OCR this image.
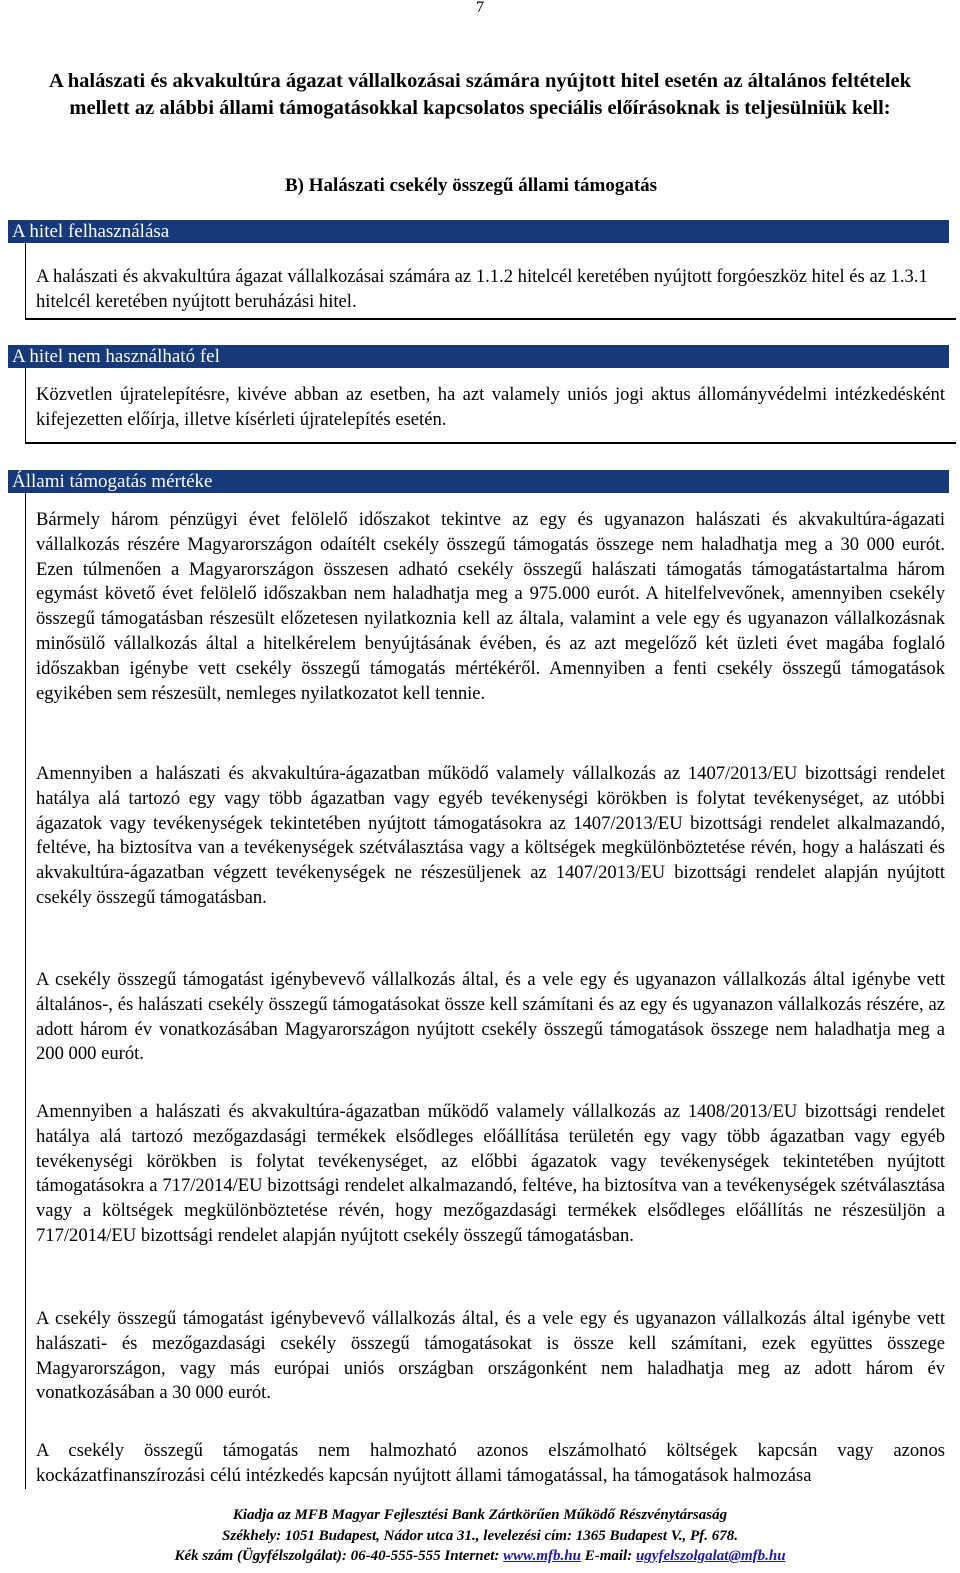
7
A halászati és akvakultúra ágazat vállalkozásai számára nyújtott hitel esetén az általános feltételek mellett az alábbi állami támogatásokkal kapcsolatos speciális előírásoknak is teljesülniük kell:
B) Halászati csekély összegű állami támogatás
A hitel felhasználása

A halászati és akvakultúra ágazat vállalkozásai számára az 1.1.2 hitelcél keretében nyújtott forgóeszköz hitel és az 1.3.1 hitelcél keretében nyújtott beruházási hitel.

A hitel nem használható fel

Közvetlen újratelepítésre, kivéve abban az esetben, ha azt valamely uniós jogi aktus állományvédelmi intézkedésként kifejezetten előírja, illetve kísérleti újratelepítés esetén.

Állami támogatás mértéke

Bármely három pénzügyi évet felölelő időszakot tekintve az egy és ugyanazon halászati és akvakultúra-ágazati vállalkozás részére Magyarországon odaítélt csekély összegű támogatás összege nem haladhatja meg a 30 000 eurót. Ezen túlmenően a Magyarországon összesen adható csekély összegű halászati támogatás támogatástartalma három egymást követő évet felölelő időszakban nem haladhatja meg a 975.000 eurót. A hitelfelvevőnek, amennyiben csekély összegű támogatásban részesült előzetesen nyilatkoznia kell az általa, valamint a vele egy és ugyanazon vállalkozásnak minősülő vállalkozás által a hitelkérelem benyújtásának évében, és az azt megelőző két üzleti évet magába foglaló időszakban igénybe vett csekély összegű támogatás mértékéről. Amennyiben a fenti csekély összegű támogatások egyikében sem részesült, nemleges nyilatkozatot kell tennie.

Amennyiben a halászati és akvakultúra-ágazatban működő valamely vállalkozás az 1407/2013/EU bizottsági rendelet hatálya alá tartozó egy vagy több ágazatban vagy egyéb tevékenységi körökben is folytat tevékenységet, az utóbbi ágazatok vagy tevékenységek tekintetében nyújtott támogatásokra az 1407/2013/EU bizottsági rendelet alkalmazandó, feltéve, ha biztosítva van a tevékenységek szétválasztása vagy a költségek megkülönböztetése révén, hogy a halászati és akvakultúra-ágazatban végzett tevékenységek ne részesüljenek az 1407/2013/EU bizottsági rendelet alapján nyújtott csekély összegű támogatásban.

A csekély összegű támogatást igénybevevő vállalkozás által, és a vele egy és ugyanazon vállalkozás által igénybe vett általános-, és halászati csekély összegű támogatásokat össze kell számítani és az egy és ugyanazon vállalkozás részére, az adott három év vonatkozásában Magyarországon nyújtott csekély összegű támogatások összege nem haladhatja meg a 200 000 eurót.

Amennyiben a halászati és akvakultúra-ágazatban működő valamely vállalkozás az 1408/2013/EU bizottsági rendelet hatálya alá tartozó mezőgazdasági termékek elsődleges előállítása területén egy vagy több ágazatban vagy egyéb tevékenységi körökben is folytat tevékenységet, az előbbi ágazatok vagy tevékenységek tekintetében nyújtott támogatásokra a 717/2014/EU bizottsági rendelet alkalmazandó, feltéve, ha biztosítva van a tevékenységek szétválasztása vagy a költségek megkülönböztetése révén, hogy mezőgazdasági termékek elsődleges előállítás ne részesüljön a 717/2014/EU bizottsági rendelet alapján nyújtott csekély összegű támogatásban.

A csekély összegű támogatást igénybevevő vállalkozás által, és a vele egy és ugyanazon vállalkozás által igénybe vett halászati- és mezőgazdasági csekély összegű támogatásokat is össze kell számítani, ezek együttes összege Magyarországon, vagy más európai uniós országban országonként nem haladhatja meg az adott három év vonatkozásában a 30 000 eurót.

A csekély összegű támogatás nem halmozható azonos elszámolható költségek kapcsán vagy azonos kockázatfinanszírozási célú intézkedés kapcsán nyújtott állami támogatással, ha támogatások halmozása

Kiadja az MFB Magyar Fejlesztési Bank Zártkörűen Működő Részvénytársaság
Székhely: 1051 Budapest, Nádor utca 31., levelezési cím: 1365 Budapest V., Pf. 678.
Kék szám (Ügyfélszolgálat): 06-40-555-555 Internet: www.mfb.hu E-mail: ugyfelszolgalat@mfb.hu
